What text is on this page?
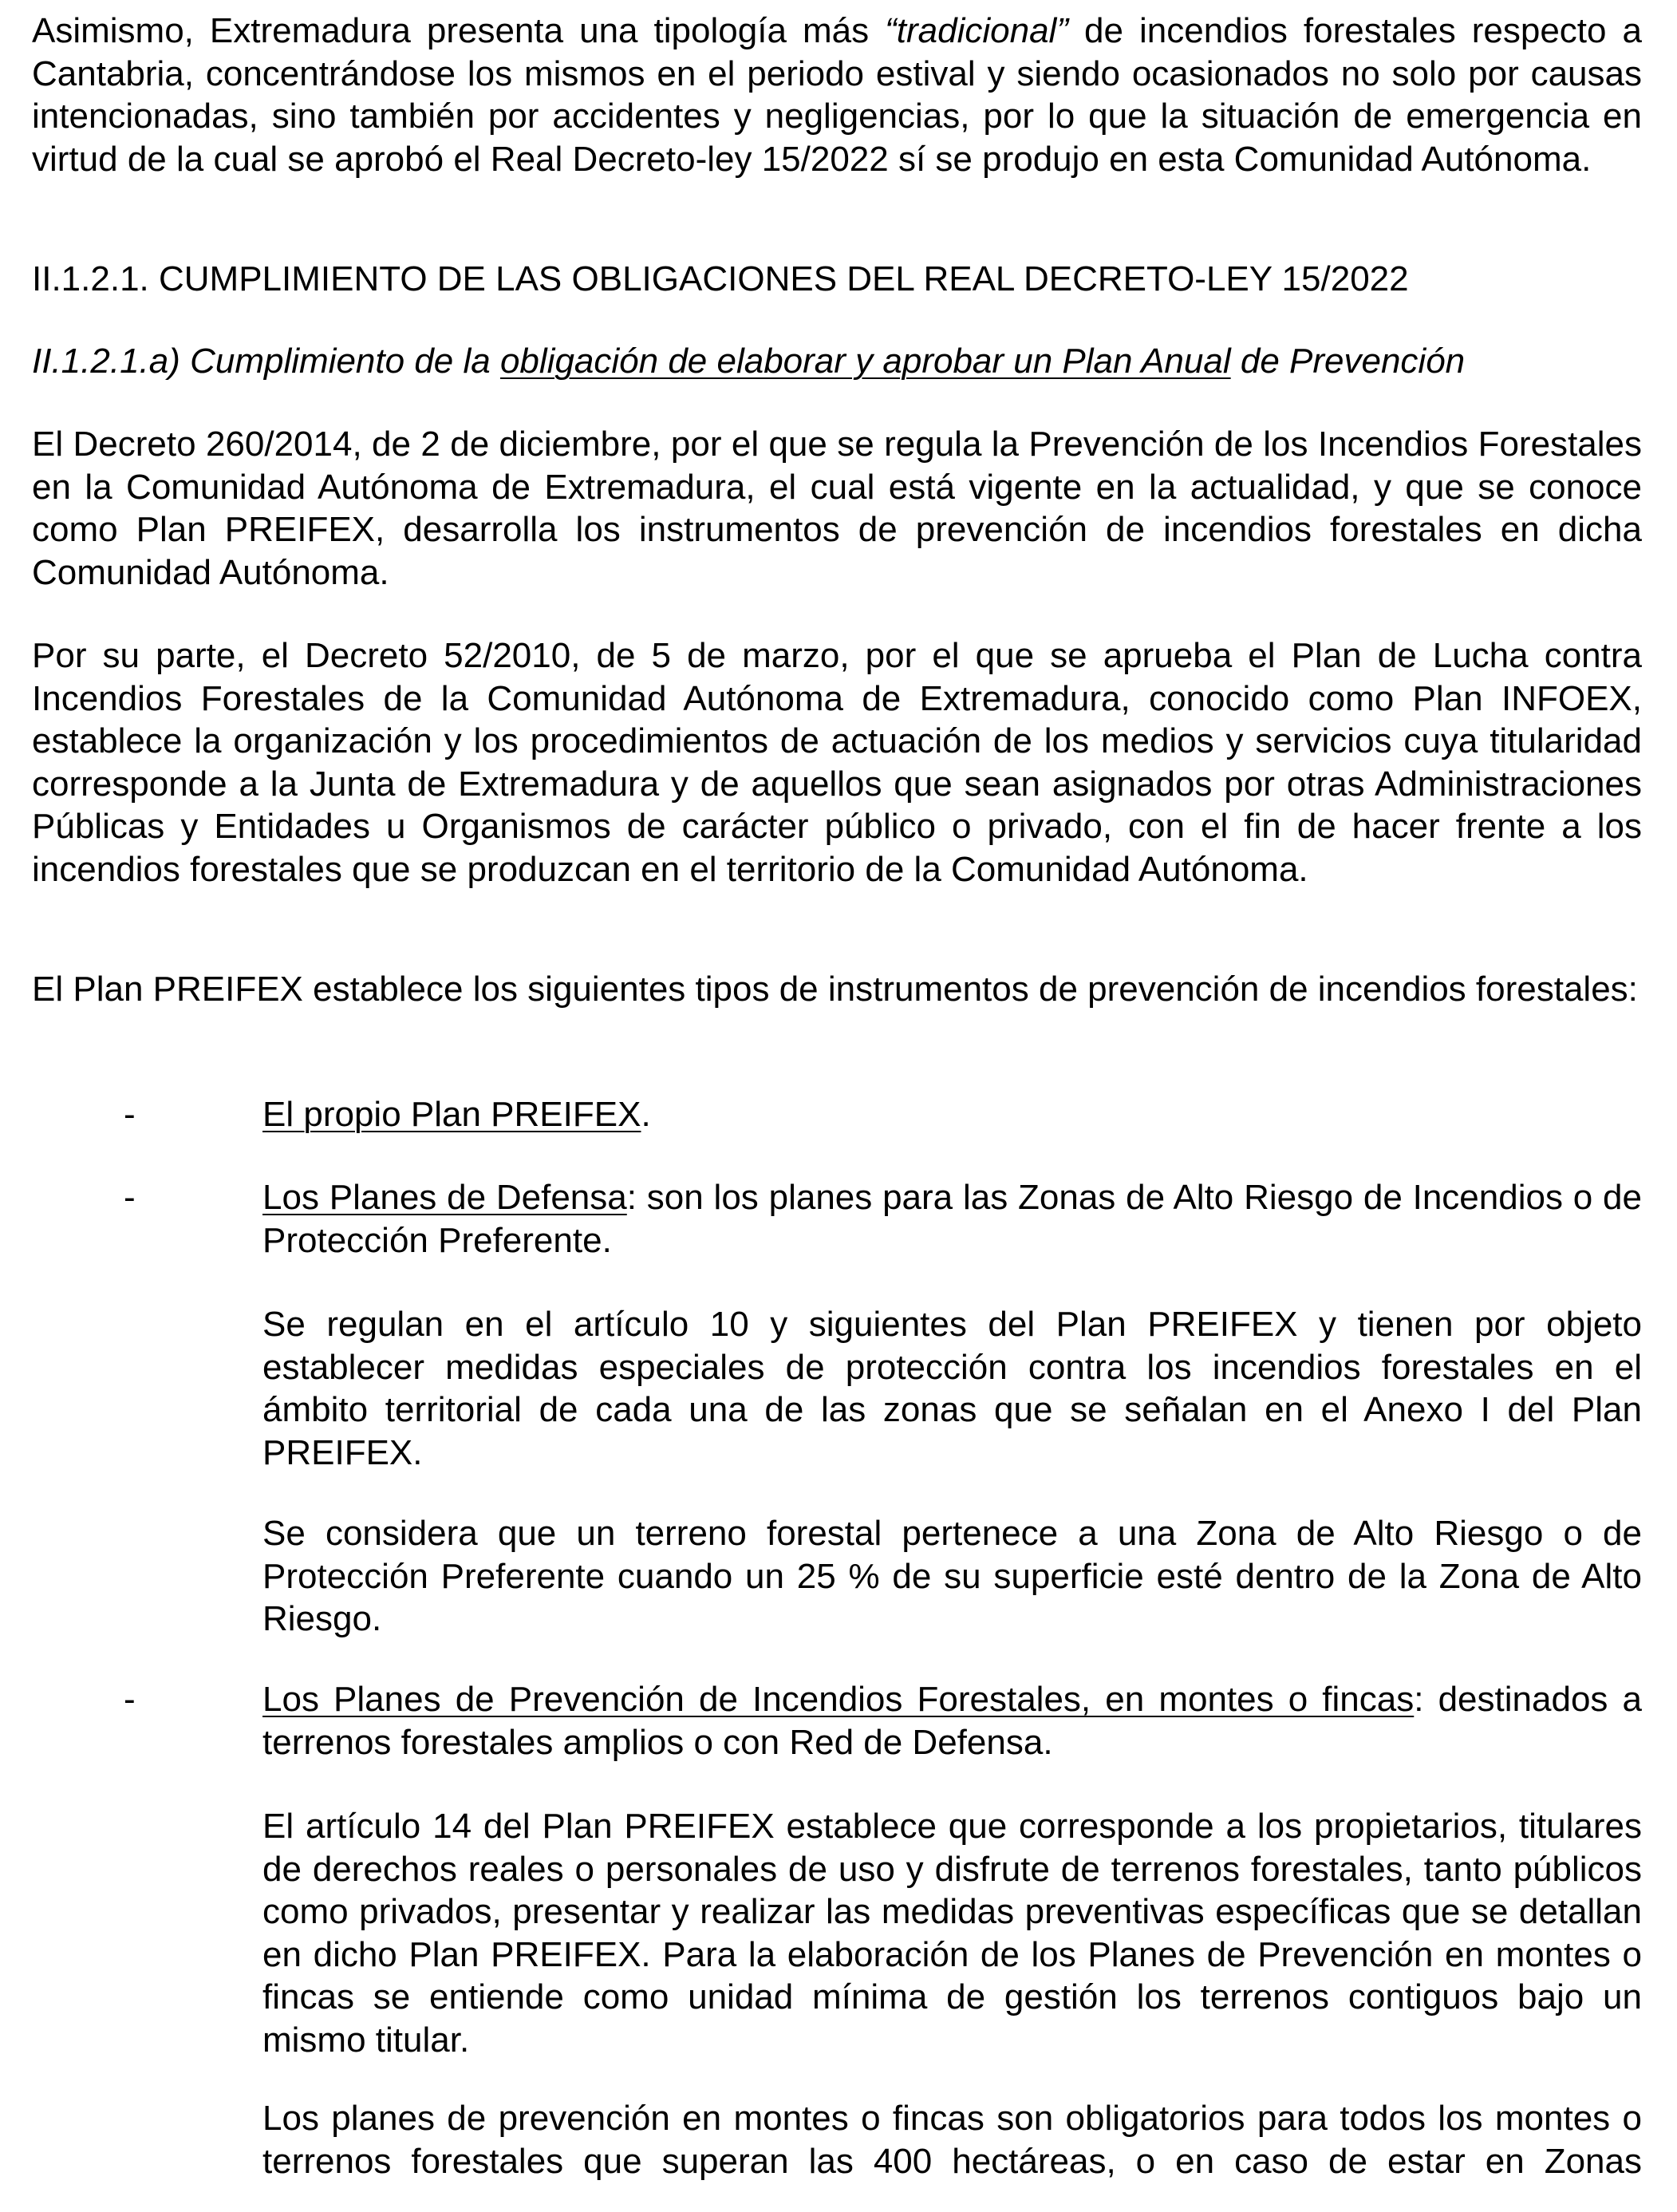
Asimismo, Extremadura presenta una tipología más “tradicional” de incendios forestales respecto a Cantabria, concentrándose los mismos en el periodo estival y siendo ocasionados no solo por causas intencionadas, sino también por accidentes y negligencias, por lo que la situación de emergencia en virtud de la cual se aprobó el Real Decreto-ley 15/2022 sí se produjo en esta Comunidad Autónoma.

II.1.2.1. CUMPLIMIENTO DE LAS OBLIGACIONES DEL REAL DECRETO-LEY 15/2022

II.1.2.1.a) Cumplimiento de la obligación de elaborar y aprobar un Plan Anual de Prevención

El Decreto 260/2014, de 2 de diciembre, por el que se regula la Prevención de los Incendios Forestales en la Comunidad Autónoma de Extremadura, el cual está vigente en la actualidad, y que se conoce como Plan PREIFEX, desarrolla los instrumentos de prevención de incendios forestales en dicha Comunidad Autónoma.

Por su parte, el Decreto 52/2010, de 5 de marzo, por el que se aprueba el Plan de Lucha contra Incendios Forestales de la Comunidad Autónoma de Extremadura, conocido como Plan INFOEX, establece la organización y los procedimientos de actuación de los medios y servicios cuya titularidad corresponde a la Junta de Extremadura y de aquellos que sean asignados por otras Administraciones Públicas y Entidades u Organismos de carácter público o privado, con el fin de hacer frente a los incendios forestales que se produzcan en el territorio de la Comunidad Autónoma.

El Plan PREIFEX establece los siguientes tipos de instrumentos de prevención de incendios forestales:

-	El propio Plan PREIFEX.

-	Los Planes de Defensa: son los planes para las Zonas de Alto Riesgo de Incendios o de Protección Preferente.

Se regulan en el artículo 10 y siguientes del Plan PREIFEX y tienen por objeto establecer medidas especiales de protección contra los incendios forestales en el ámbito territorial de cada una de las zonas que se señalan en el Anexo I del Plan PREIFEX.

Se considera que un terreno forestal pertenece a una Zona de Alto Riesgo o de Protección Preferente cuando un 25 % de su superficie esté dentro de la Zona de Alto Riesgo.

-	Los Planes de Prevención de Incendios Forestales, en montes o fincas: destinados a terrenos forestales amplios o con Red de Defensa.

El artículo 14 del Plan PREIFEX establece que corresponde a los propietarios, titulares de derechos reales o personales de uso y disfrute de terrenos forestales, tanto públicos como privados, presentar y realizar las medidas preventivas específicas que se detallan en dicho Plan PREIFEX. Para la elaboración de los Planes de Prevención en montes o fincas se entiende como unidad mínima de gestión los terrenos contiguos bajo un mismo titular.

Los planes de prevención en montes o fincas son obligatorios para todos los montes o terrenos forestales que superan las 400 hectáreas, o en caso de estar en Zonas
